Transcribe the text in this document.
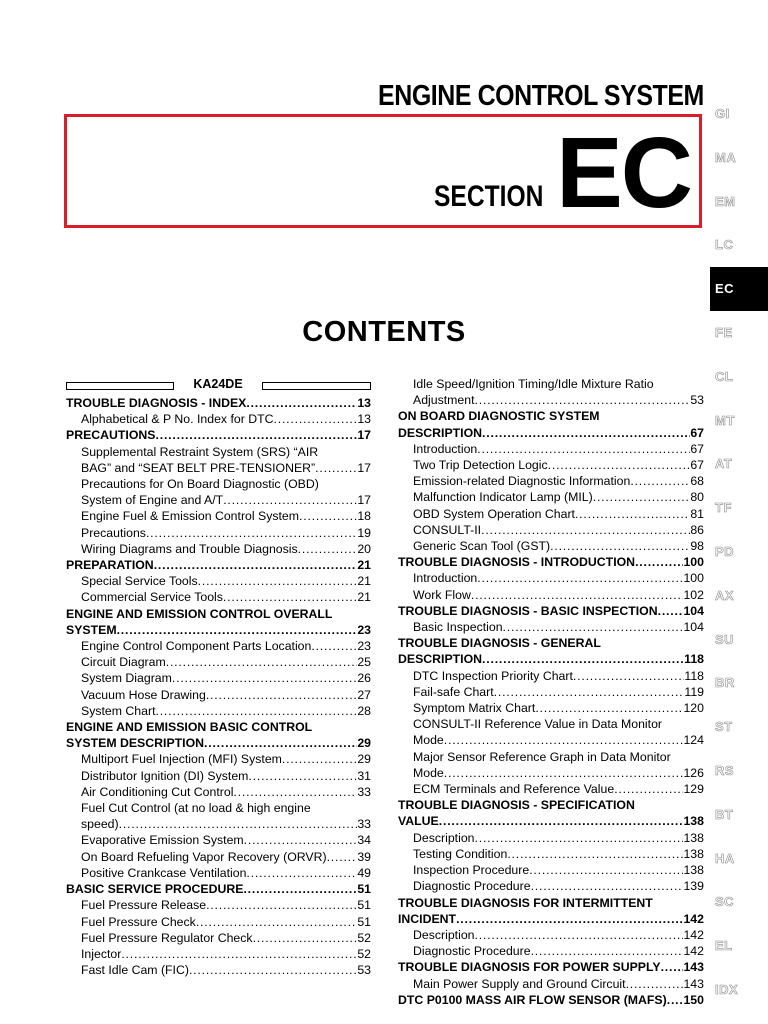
ENGINE CONTROL SYSTEM
SECTION EC
GI
MA
EM
LC
EC
FE
CL
MT
AT
TF
PD
AX
SU
BR
ST
RS
BT
HA
SC
EL
IDX
CONTENTS
KA24DE
TROUBLE DIAGNOSIS - INDEX .....	13
Alphabetical & P No. Index for DTC .....	13
PRECAUTIONS .....	17
Supplemental Restraint System (SRS) “AIR
BAG” and “SEAT BELT PRE-TENSIONER” .....	17
Precautions for On Board Diagnostic (OBD)
System of Engine and A/T .....	17
Engine Fuel & Emission Control System .....	18
Precautions .....	19
Wiring Diagrams and Trouble Diagnosis .....	20
PREPARATION .....	21
Special Service Tools .....	21
Commercial Service Tools .....	21
ENGINE AND EMISSION CONTROL OVERALL
SYSTEM .....	23
Engine Control Component Parts Location .....	23
Circuit Diagram .....	25
System Diagram .....	26
Vacuum Hose Drawing .....	27
System Chart .....	28
ENGINE AND EMISSION BASIC CONTROL
SYSTEM DESCRIPTION .....	29
Multiport Fuel Injection (MFI) System .....	29
Distributor Ignition (DI) System .....	31
Air Conditioning Cut Control .....	33
Fuel Cut Control (at no load & high engine
speed) .....	33
Evaporative Emission System .....	34
On Board Refueling Vapor Recovery (ORVR) ..... 39
Positive Crankcase Ventilation .....	49
BASIC SERVICE PROCEDURE .....	51
Fuel Pressure Release .....	51
Fuel Pressure Check .....	51
Fuel Pressure Regulator Check .....	52
Injector .....	52
Fast Idle Cam (FIC) .....	53
Idle Speed/Ignition Timing/Idle Mixture Ratio
Adjustment .....	53
ON BOARD DIAGNOSTIC SYSTEM
DESCRIPTION .....	67
Introduction .....	67
Two Trip Detection Logic .....	67
Emission-related Diagnostic Information .....	68
Malfunction Indicator Lamp (MIL) .....	80
OBD System Operation Chart .....	81
CONSULT-II .....	86
Generic Scan Tool (GST) .....	98
TROUBLE DIAGNOSIS - INTRODUCTION .....	100
Introduction .....	100
Work Flow .....	102
TROUBLE DIAGNOSIS - BASIC INSPECTION ..... 104
Basic Inspection .....	104
TROUBLE DIAGNOSIS - GENERAL
DESCRIPTION .....	118
DTC Inspection Priority Chart .....	118
Fail-safe Chart .....	119
Symptom Matrix Chart .....	120
CONSULT-II Reference Value in Data Monitor
Mode .....	124
Major Sensor Reference Graph in Data Monitor
Mode .....	126
ECM Terminals and Reference Value .....	129
TROUBLE DIAGNOSIS - SPECIFICATION
VALUE .....	138
Description .....	138
Testing Condition .....	138
Inspection Procedure .....	138
Diagnostic Procedure .....	139
TROUBLE DIAGNOSIS FOR INTERMITTENT
INCIDENT .....	142
Description .....	142
Diagnostic Procedure .....	142
TROUBLE DIAGNOSIS FOR POWER SUPPLY ..... 143
Main Power Supply and Ground Circuit .....	143
DTC P0100 MASS AIR FLOW SENSOR (MAFS) ..... 150
